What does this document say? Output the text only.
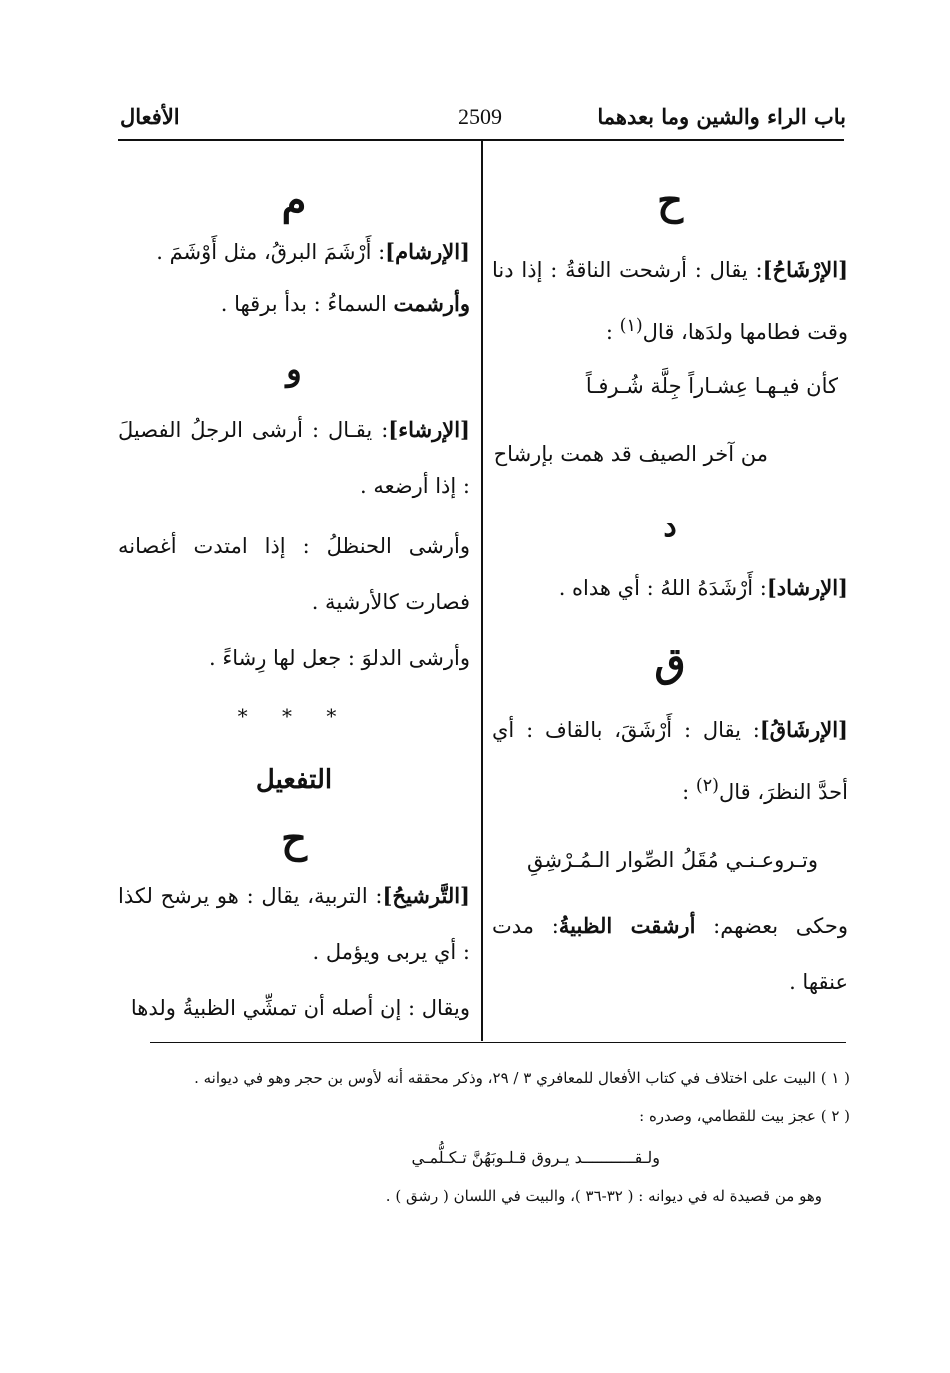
باب الراء والشين وما بعدهما
2509
الأفعال
ح

[الإرْشَاحُ]: يقال : أرشحت الناقةُ : إذا دنا وقت فطامها ولدَها، قال$^{(١)}$ :

كأن فيـهـا عِشـاراً جِلَّة شُـرفـاً

من آخر الصيف قد همت بإرشاح

د

[الإرشاد]: أَرْشَدَهُ اللهُ : أي هداه .

ق

[الإرشَاقُ]: يقال : أَرْشَقَ، بالقاف : أي أحدَّ النظرَ، قال$^{(٢)}$ :

وتـروعـنـي مُقَلُ الصِّوار الـمُـرْشِقِ

وحكى بعضهم: أرشقت الظبيةُ: مدت عنقها .

م

[الإرشام]: أَرْشَمَ البرقُ، مثل أَوْشَمَ .

وأرشمت السماءُ : بدأ برقها .

و

[الإرشاء]: يقـال : أرشى الرجلُ الفصيلَ : إذا أرضعه .

وأرشى الحنظلُ : إذا امتدت أغصانه فصارت كالأرشية .

وأرشى الدلوَ : جعل لها رِشاءً .

* * *
التفعيل
ح

[التَّرشيحُ]: التربية، يقال : هو يرشح لكذا : أي يربى ويؤمل .

ويقال : إن أصله أن تمشِّي الظبيةُ ولدها

( ١ ) البيت على اختلاف في كتاب الأفعال للمعافري ٣ / ٢٩، وذكر محققه أنه لأوس بن حجر وهو في ديوانه .
( ٢ ) عجز بيت للقطامي، وصدره :
ولـقـــــــــــد يـروق قـلـوبَهُنَّ تـكـلُّمـي
وهو من قصيدة له في ديوانه : ( ٣٢-٣٦ )، والبيت في اللسان ( رشق ) .
